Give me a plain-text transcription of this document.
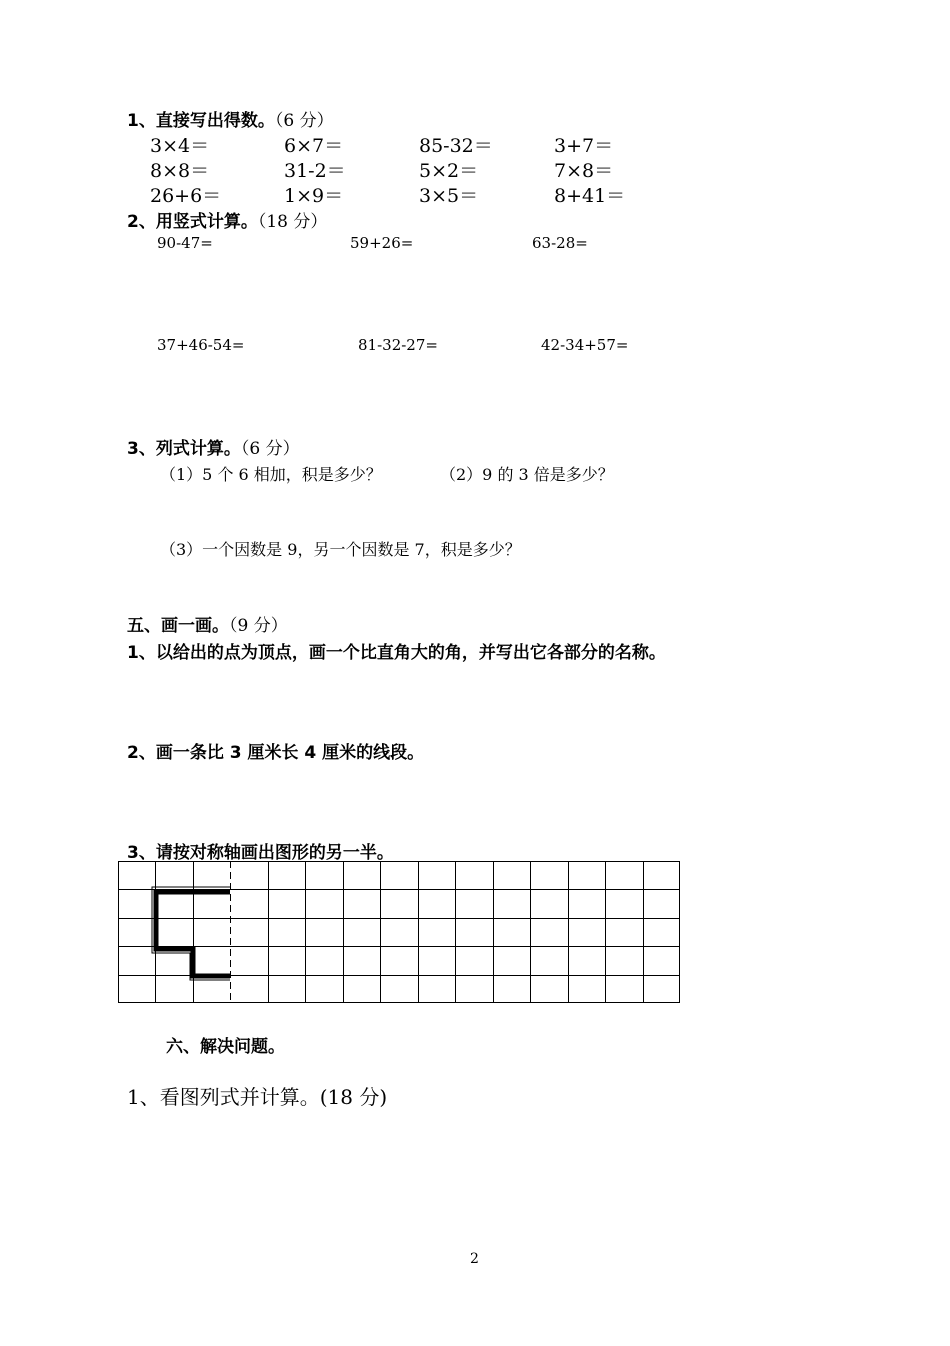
1、直接写出得数。（6 分）
3×4＝	6×7＝	85-32＝	3+7＝
8×8＝	31-2＝	5×2＝	7×8＝
26+6＝	1×9＝	3×5＝	8+41＝
2、用竖式计算。（18 分）
90-47=	59+26=	63-28=
37+46-54=	81-32-27=	42-34+57=
3、列式计算。（6 分）
（1）5 个 6 相加，积是多少？	（2）9 的 3 倍是多少？
（3）一个因数是 9，另一个因数是 7，积是多少？
五、画一画。（9 分）
1、以给出的点为顶点，画一个比直角大的角，并写出它各部分的名称。
2、画一条比 3 厘米长 4 厘米的线段。
3、请按对称轴画出图形的另一半。
六、解决问题。
1、看图列式并计算。(18 分)
2
